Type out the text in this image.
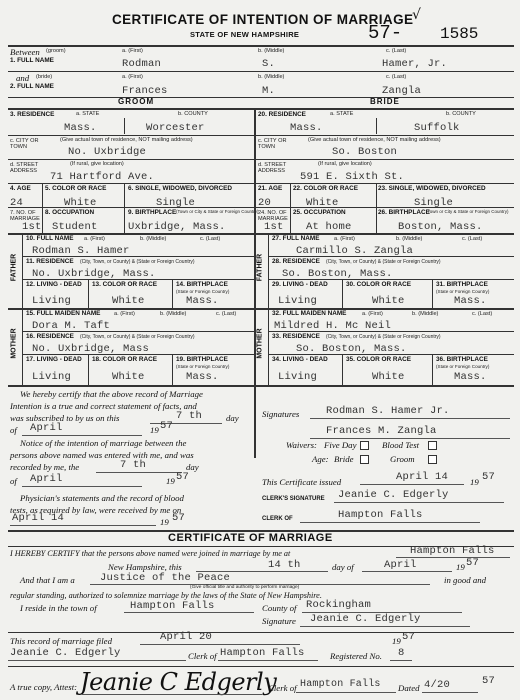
CERTIFICATE OF INTENTION OF MARRIAGE
√
STATE OF NEW HAMPSHIRE	57- 1585
Between (groom)	a. (First)	b. (Middle)	c. (Last)
1. FULL NAME	Rodman	S.	Hamer, Jr.
and (bride)	a. (First)	b. (Middle)	c. (Last)
2. FULL NAME	Frances	M.	Zangla
GROOM	BRIDE
3. RESIDENCE	a. STATE	b. COUNTY
Mass.	Worcester
c. CITY OR TOWN
(Give actual town of residence, NOT mailing address)
No. Uxbridge
d. STREET ADDRESS
(If rural, give location)
71 Hartford Ave.
4. AGE 5. COLOR OR RACE	6. SINGLE, WIDOWED, DIVORCED
24	White	Single
7. NO. OF MARRIAGE
8. OCCUPATION	9. BIRTHPLACE (Town or City & State or Foreign Country)
1st Student	Uxbridge, Mass.
20. RESIDENCE	a. STATE	b. COUNTY
Mass.	Suffolk
c. CITY OR TOWN
(Give actual town of residence, NOT mailing address)
So. Boston
d. STREET ADDRESS
(If rural, give location)
591 E. Sixth St.
21. AGE 22. COLOR OR RACE	23. SINGLE, WIDOWED, DIVORCED
20	White	Single
24. NO. OF MARRIAGE
25. OCCUPATION	26. BIRTHPLACE
(Town or City & State or Foreign Country)
1st At home	Boston, Mass.
FATHER
MOTHER
10. FULL NAME a. (First)	b. (Middle)	c. (Last)
Rodman S. Hamer
11. RESIDENCE (City, Town, or County) & (State or Foreign Country)
No. Uxbridge, Mass.
12. LIVING - DEAD 13. COLOR OR RACE	14. BIRTHPLACE
(State or Foreign Country)
Living	White	Mass.
15. FULL MAIDEN NAME a. (First)	b. (Middle)	c. (Last)
Dora M. Taft
16. RESIDENCE (City, Town, or County) & (State or Foreign Country)
No. Uxbridge, Mass
17. LIVING - DEAD 18. COLOR OR RACE	19. BIRTHPLACE
(State or Foreign Country)
Living	White	Mass.
FATHER
MOTHER
27. FULL NAME	a. (First)	b. (Middle)	c. (Last)
Carmillo S. Zangla
28. RESIDENCE (City, Town, or County) & (State or Foreign Country)
So. Boston, Mass.
29. LIVING - DEAD	30. COLOR OR RACE	31. BIRTHPLACE
(State or Foreign Country)
Living	White	Mass.
32. FULL MAIDEN NAME	a. (First)	b. (Middle)	c. (Last)
Mildred H. Mc Neil
33. RESIDENCE (City, Town, or County) & (State or Foreign Country)
So. Boston, Mass.
34. LIVING - DEAD	35. COLOR OR RACE	36. BIRTHPLACE
(State or Foreign Country)
Living	White	Mass.
We hereby certify that the above record of Marriage
Intention is a true and correct statement of facts, and
was subscribed to by us on this	7 th	day
of April	19 57
Signatures	Rodman S. Hamer Jr.
Frances M. Zangla
Notice of the intention of marriage between the
persons above named was entered with me, and was
recorded by me, the	7 th	day
of April	19 57
Waivers: Five Day	Blood Test
Age: Bride	Groom
This Certificate issued	April 14 19 57
CLERK'S SIGNATURE Jeanie C. Edgerly
Physician's statements and the record of blood
tests, as required by law, were received by me on
April 14	19 57	CLERK OF	Hampton Falls
CERTIFICATE OF MARRIAGE
I HEREBY CERTIFY that the persons above named were joined in marriage by me at	Hampton Falls
New Hampshire, this	14 th	day of	April	19 57
And that I am a Justice of the Peace
(Give official title and authority to perform marriage)
in good and
regular standing, authorized to solemnize marriage by the laws of the State of New Hampshire.
I reside in the town of	Hampton Falls	County of Rockingham
Signature Jeanie C. Edgerly
This record of marriage filed	April 20	19 57
Jeanie C. Edgerly	Clerk of Hampton Falls	Registered No. 8
A true copy, Attest: Jeanie C Edgerly
Clerk of Hampton Falls Dated 4/20	57
